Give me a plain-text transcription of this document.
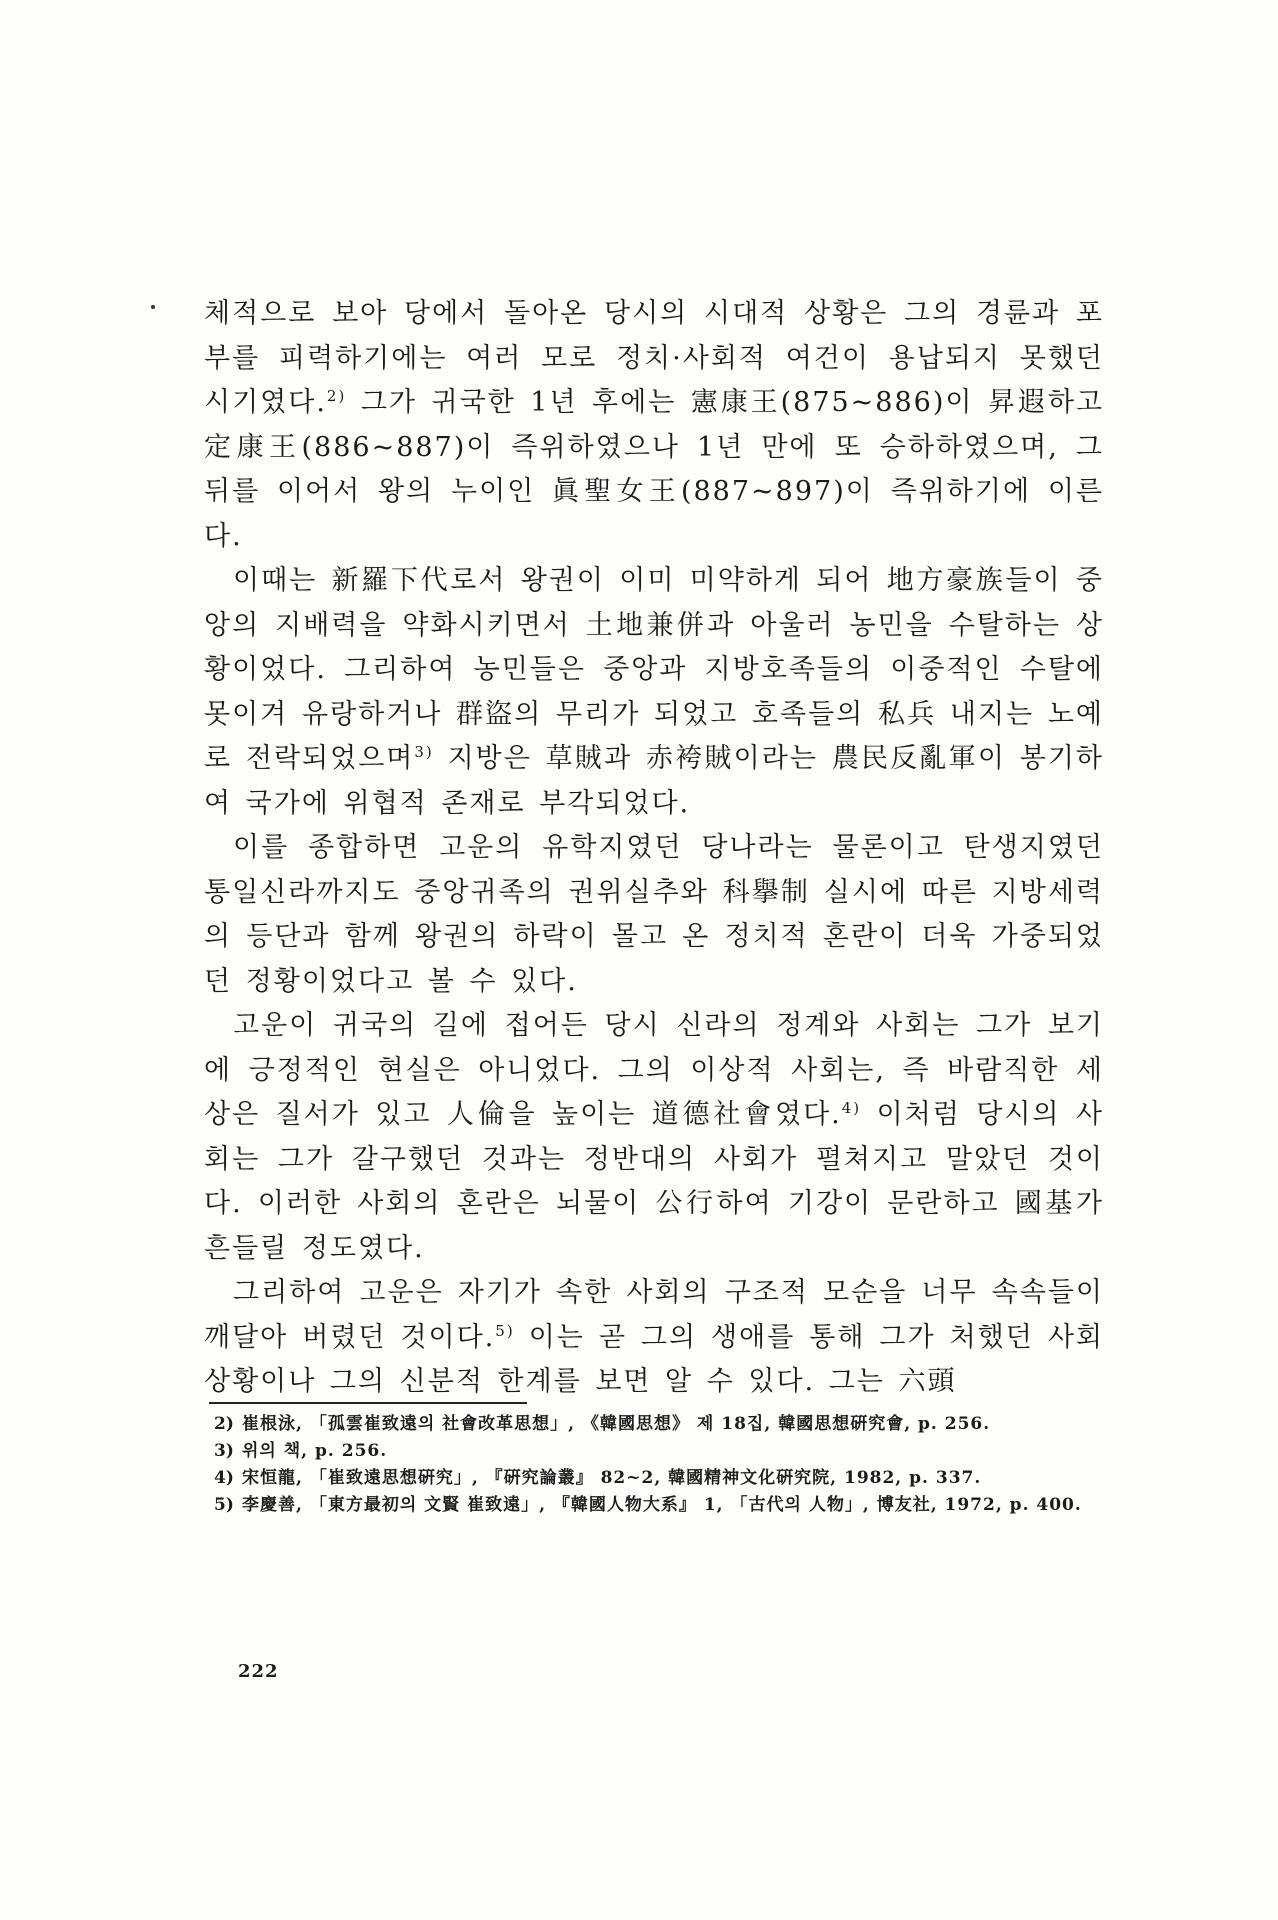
체적으로 보아 당에서 돌아온 당시의 시대적 상황은 그의 경륜과 포부를 피력하기에는 여러 모로 정치·사회적 여건이 용납되지 못했던 시기였다.$^{2)}$ 그가 귀국한 1년 후에는 憲康王(875~886)이 昇遐하고 定康王(886~887)이 즉위하였으나 1년 만에 또 승하하였으며, 그 뒤를 이어서 왕의 누이인 眞聖女王(887~897)이 즉위하기에 이른다.

이때는 新羅下代로서 왕권이 이미 미약하게 되어 地方豪族들이 중앙의 지배력을 약화시키면서 土地兼併과 아울러 농민을 수탈하는 상황이었다. 그리하여 농민들은 중앙과 지방호족들의 이중적인 수탈에 못이겨 유랑하거나 群盜의 무리가 되었고 호족들의 私兵 내지는 노예로 전락되었으며$^{3)}$ 지방은 草賊과 赤袴賊이라는 農民反亂軍이 봉기하여 국가에 위협적 존재로 부각되었다.

이를 종합하면 고운의 유학지였던 당나라는 물론이고 탄생지였던 통일신라까지도 중앙귀족의 권위실추와 科擧制 실시에 따른 지방세력의 등단과 함께 왕권의 하락이 몰고 온 정치적 혼란이 더욱 가중되었던 정황이었다고 볼 수 있다.

고운이 귀국의 길에 접어든 당시 신라의 정계와 사회는 그가 보기에 긍정적인 현실은 아니었다. 그의 이상적 사회는, 즉 바람직한 세상은 질서가 있고 人倫을 높이는 道德社會였다.$^{4)}$ 이처럼 당시의 사회는 그가 갈구했던 것과는 정반대의 사회가 펼쳐지고 말았던 것이다. 이러한 사회의 혼란은 뇌물이 公行하여 기강이 문란하고 國基가 흔들릴 정도였다.

그리하여 고운은 자기가 속한 사회의 구조적 모순을 너무 속속들이 깨달아 버렸던 것이다.$^{5)}$ 이는 곧 그의 생애를 통해 그가 처했던 사회상황이나 그의 신분적 한계를 보면 알 수 있다. 그는 六頭

2) 崔根泳, 「孤雲崔致遠의 社會改革思想」, 《韓國思想》 제 18집, 韓國思想硏究會, p. 256.
3) 위의 책, p. 256.
4) 宋恒龍, 「崔致遠思想硏究」, 『硏究論叢』 82~2, 韓國精神文化硏究院, 1982, p. 337.
5) 李慶善, 「東方最初의 文賢 崔致遠」, 『韓國人物大系』 1, 「古代의 人物」, 博友社, 1972, p. 400.
222
